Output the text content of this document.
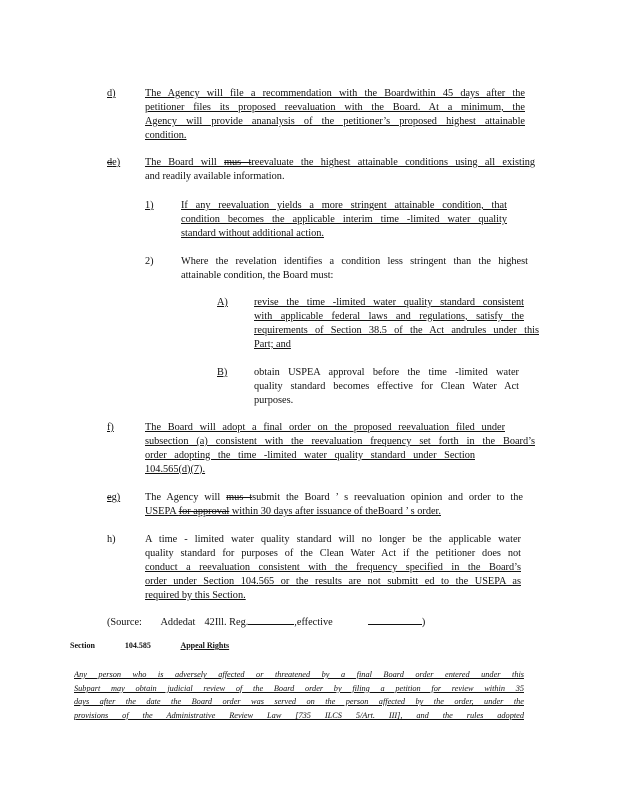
d)	The Agency will file a recommendation with the Boardwithin 45 days after the
petitioner files its proposed reevaluation with the Board. At a minimum, the
Agency will provide ananalysis of the petitioner’s proposed highest attainable
condition.
de) The Board will mus treevaluate the highest attainable conditions using all existing
and readily available information.
1)	If any reevaluation yields a more stringent attainable condition, that
condition becomes the applicable interim time -limited water quality
standard without additional action.
2)	Where the revelation identifies a condition less stringent than the highest
attainable condition, the Board must:
A)	revise the time -limited water quality standard consistent
with applicable federal laws and regulations, satisfy the
requirements of Section 38.5 of the Act andrules under this
Part; and
B)	obtain USPEA approval before the time -limited water
quality standard becomes effective for Clean Water Act
purposes.
f)	The Board will adopt a final order on the proposed reevaluation filed under
subsection (a) consistent with the reevaluation frequency set forth in the Board’s
order adopting the time -limited water quality standard under Section
104.565(d)(7).
eg) The Agency will mus tsubmit the Board ’ s reevaluation opinion and order to the
USEPA for approval within 30 days after issuance of theBoard ’ s order.
h)	A time - limited water quality standard will no longer be the applicable water
quality standard for purposes of the Clean Water Act if the petitioner does not
conduct a reevaluation consistent with the frequency specified in the Board’s
order under Section 104.565 or the results are not submitt ed to the USEPA as
required by this Section.
(Source: Addedat 42Ill. Reg.	,effective	)
Section	104.585	Appeal Rights
Any person who is adversely affected or threatened by a final Board order entered under this
Subpart may obtain judicial review of the Board order by filing a petition for review within 35
days after the date the Board order was served on the person affected by the order, under the
provisions of the Administrative Review Law [735 ILCS 5/Art. III], and the rules adopted
